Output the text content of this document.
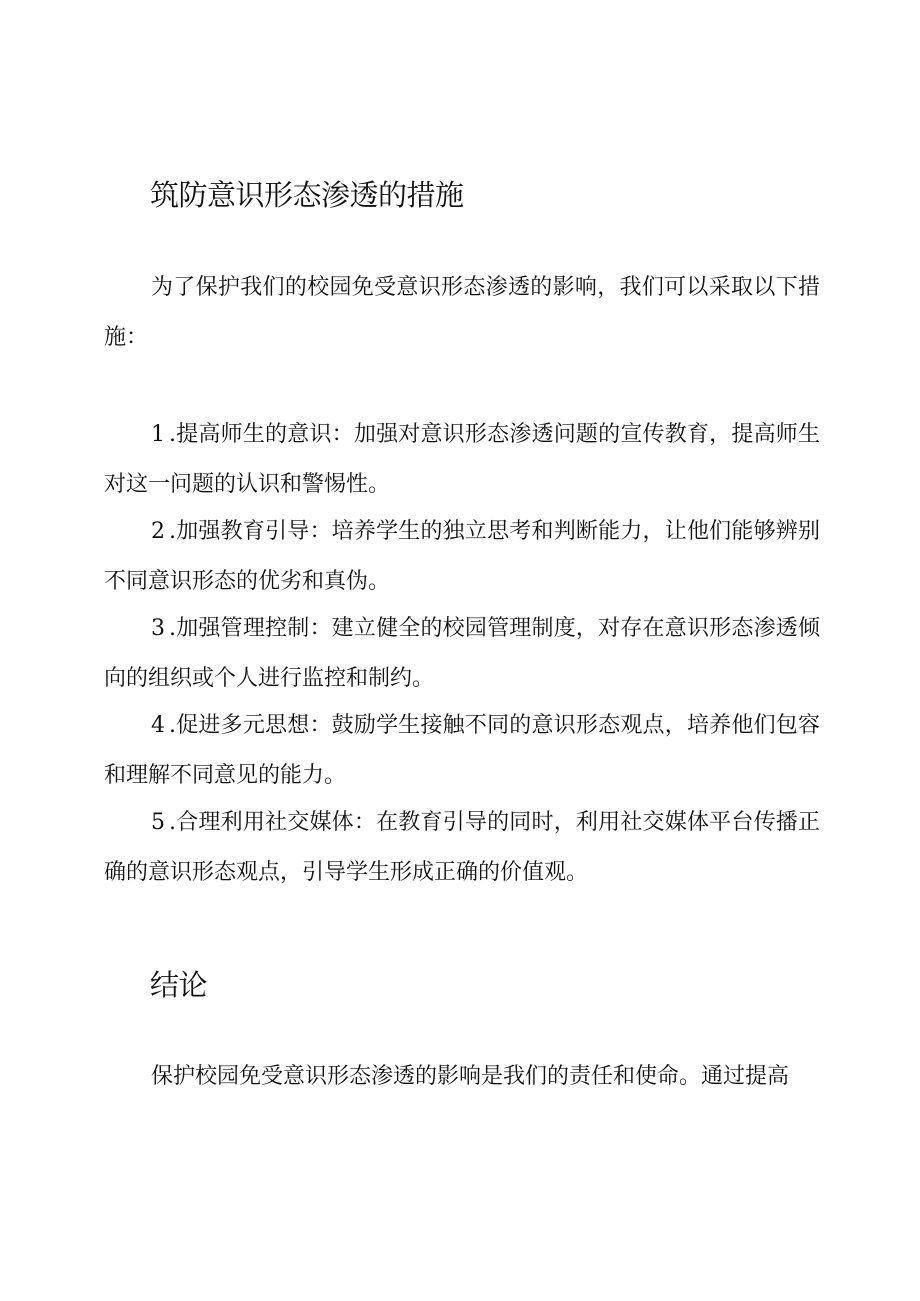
筑防意识形态渗透的措施

为了保护我们的校园免受意识形态渗透的影响，我们可以采取以下措施：

1 .提高师生的意识：加强对意识形态渗透问题的宣传教育，提高师生对这一问题的认识和警惕性。

2 .加强教育引导：培养学生的独立思考和判断能力，让他们能够辨别不同意识形态的优劣和真伪。

3 .加强管理控制：建立健全的校园管理制度，对存在意识形态渗透倾向的组织或个人进行监控和制约。

4 .促进多元思想：鼓励学生接触不同的意识形态观点，培养他们包容和理解不同意见的能力。

5 .合理利用社交媒体：在教育引导的同时，利用社交媒体平台传播正确的意识形态观点，引导学生形成正确的价值观。

结论

保护校园免受意识形态渗透的影响是我们的责任和使命。通过提高
